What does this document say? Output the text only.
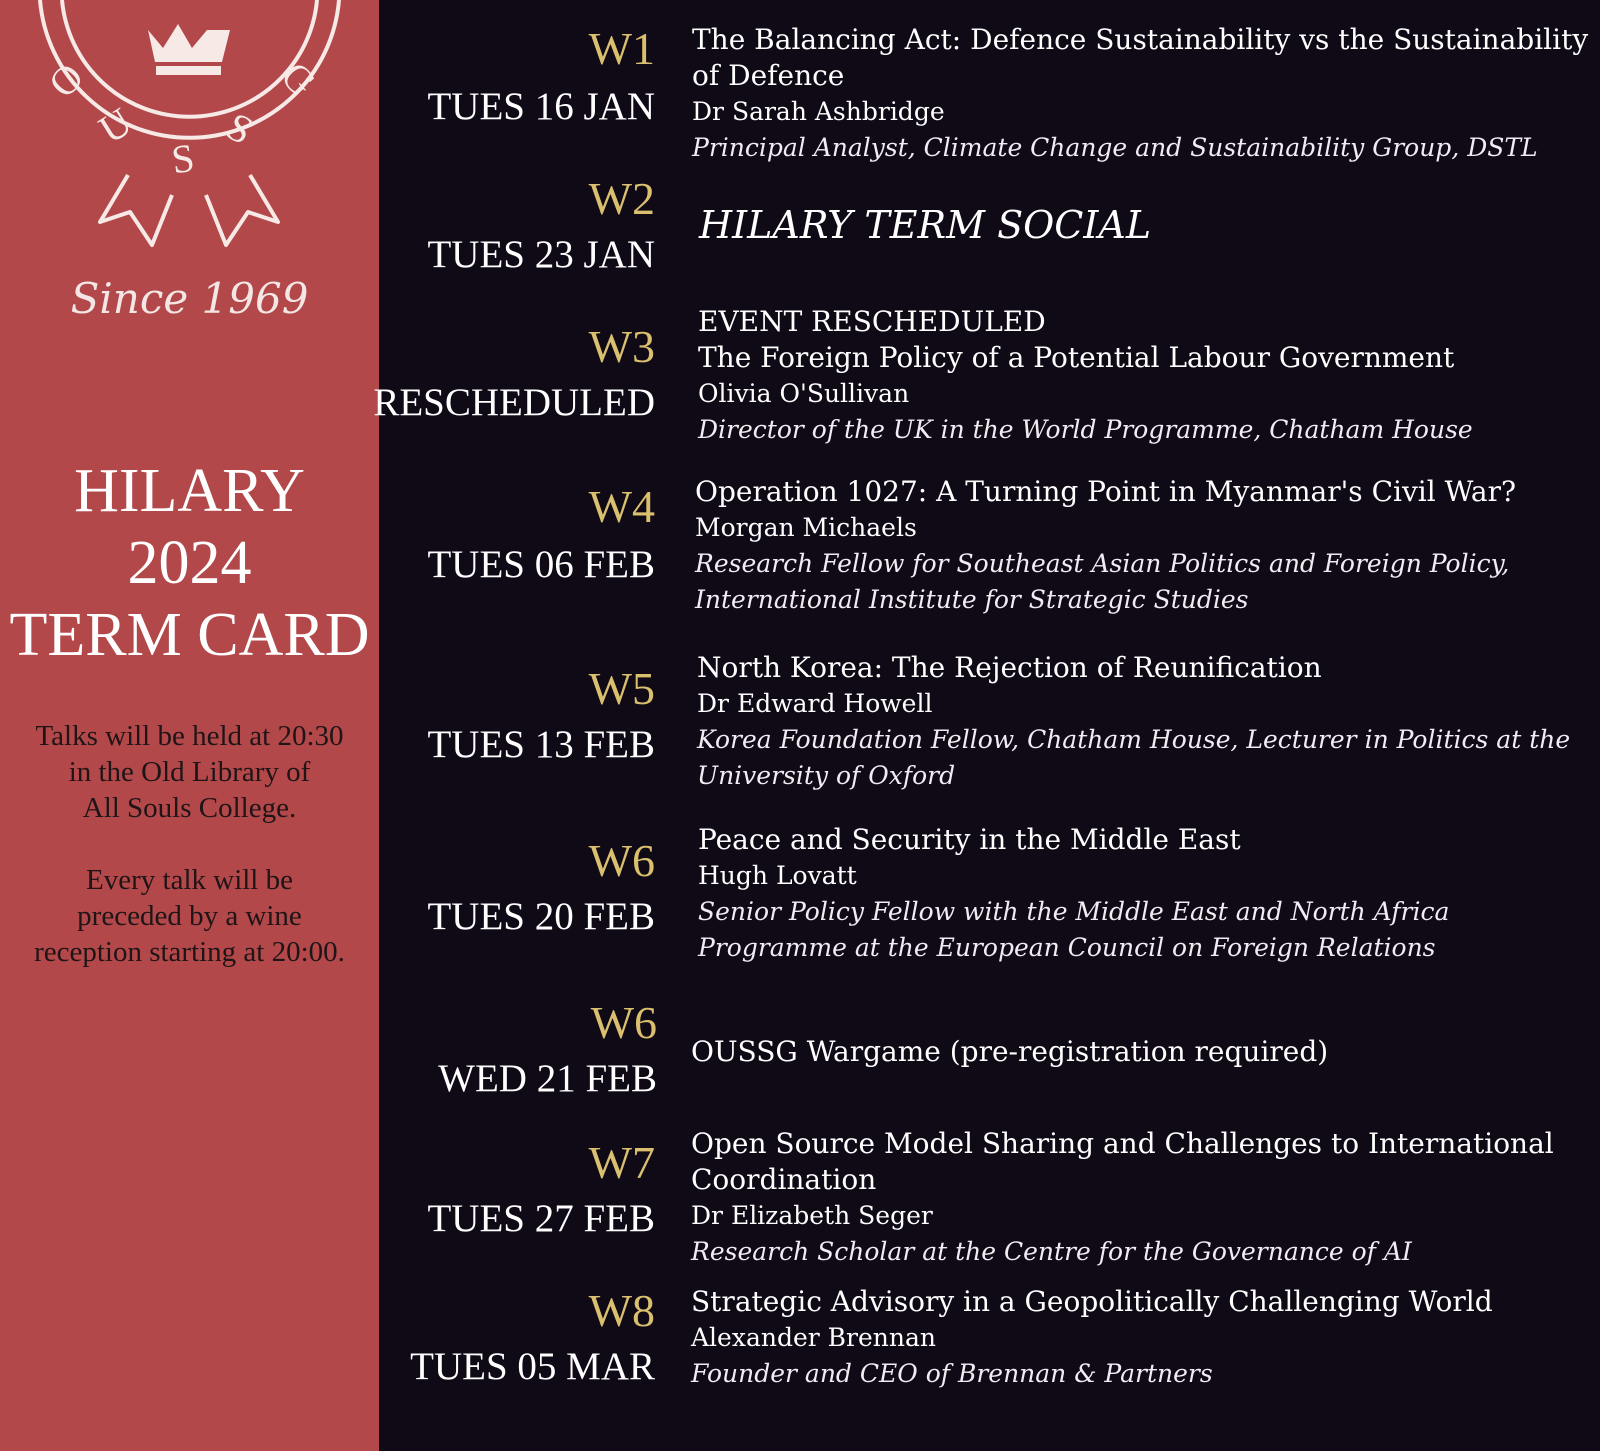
O
U
S
S
G
Since 1969
HILARY
2024
TERM CARD
Talks will be held at 20:30
in the Old Library of
All Souls College.
Every talk will be
preceded by a wine
reception starting at 20:00.
W1
TUES 16 JAN
The Balancing Act: Defence Sustainability vs the Sustainability
of Defence
Dr Sarah Ashbridge
Principal Analyst, Climate Change and Sustainability Group, DSTL
W2
TUES 23 JAN
HILARY TERM SOCIAL
W3
RESCHEDULED
EVENT RESCHEDULED
The Foreign Policy of a Potential Labour Government
Olivia O'Sullivan
Director of the UK in the World Programme, Chatham House
W4
TUES 06 FEB
Operation 1027: A Turning Point in Myanmar's Civil War?
Morgan Michaels
Research Fellow for Southeast Asian Politics and Foreign Policy,
International Institute for Strategic Studies
W5
TUES 13 FEB
North Korea: The Rejection of Reunification
Dr Edward Howell
Korea Foundation Fellow, Chatham House, Lecturer in Politics at the
University of Oxford
W6
TUES 20 FEB
Peace and Security in the Middle East
Hugh Lovatt
Senior Policy Fellow with the Middle East and North Africa
Programme at the European Council on Foreign Relations
W6
WED 21 FEB
OUSSG Wargame (pre-registration required)
W7
TUES 27 FEB
Open Source Model Sharing and Challenges to International
Coordination
Dr Elizabeth Seger
Research Scholar at the Centre for the Governance of AI
W8
TUES 05 MAR
Strategic Advisory in a Geopolitically Challenging World
Alexander Brennan
Founder and CEO of Brennan & Partners
